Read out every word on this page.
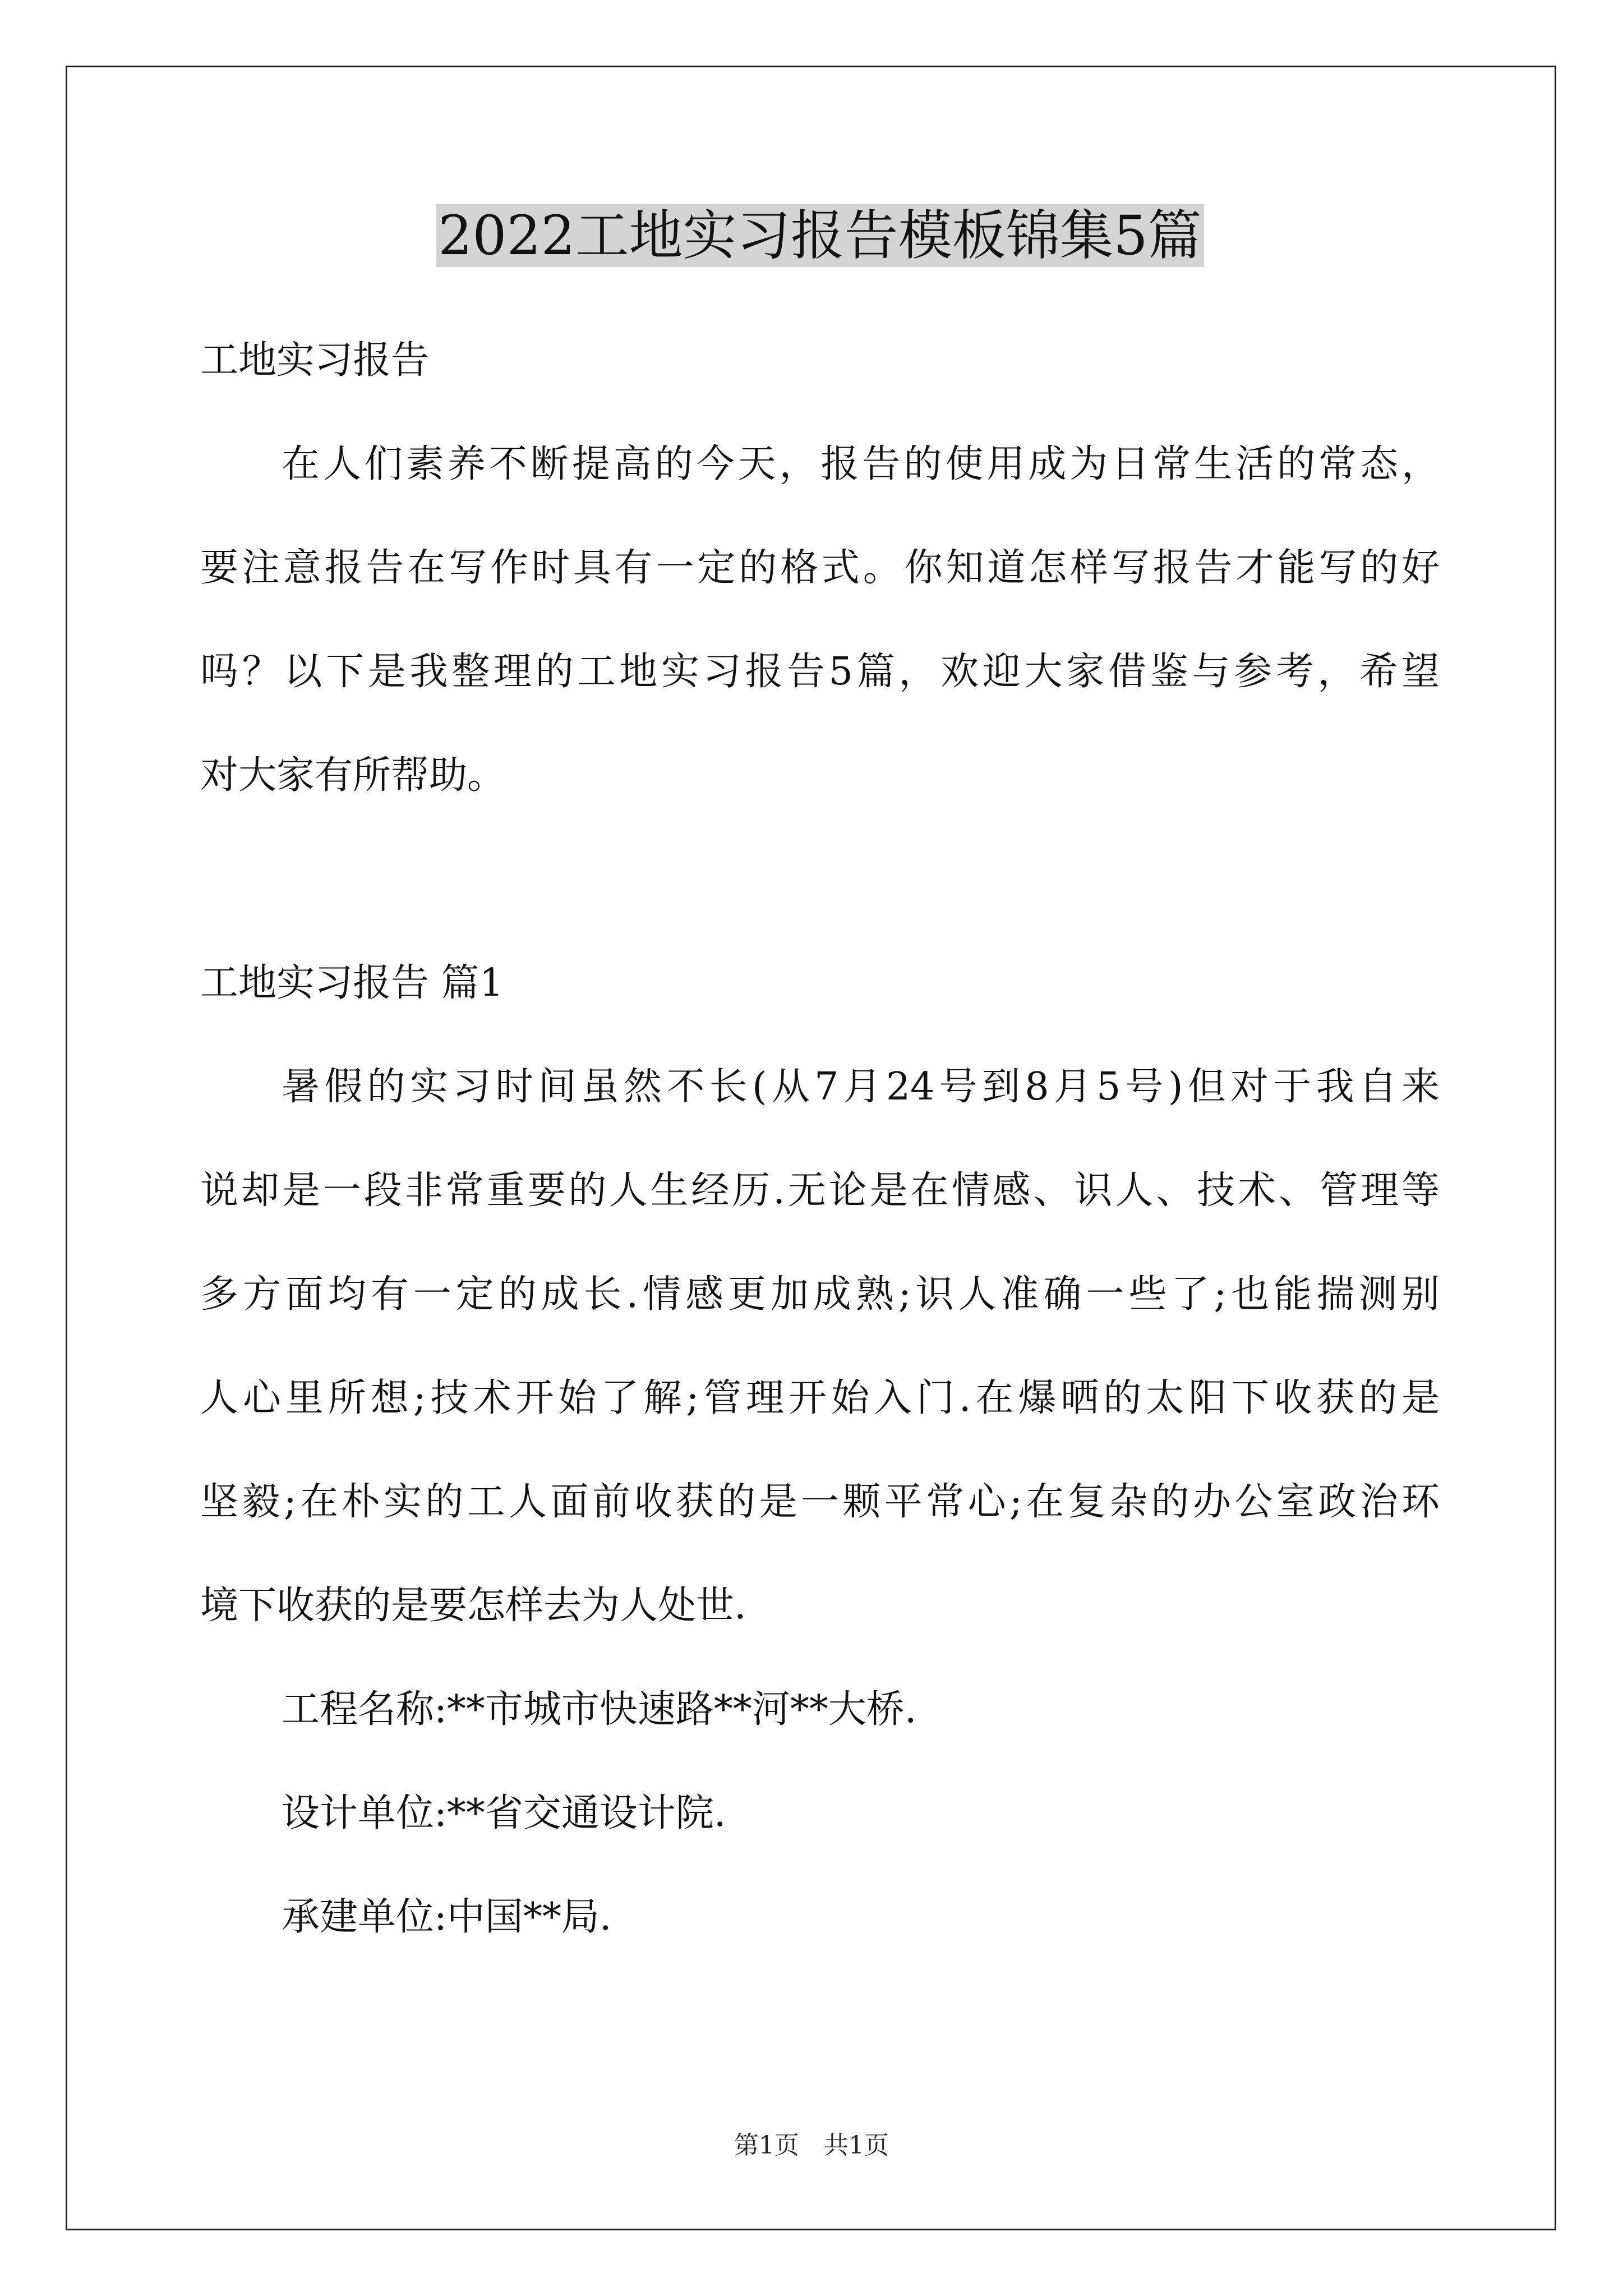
2022工地实习报告模板锦集5篇

工地实习报告

在人们素养不断提高的今天，报告的使用成为日常生活的常态，

要注意报告在写作时具有一定的格式。你知道怎样写报告才能写的好

吗？以下是我整理的工地实习报告5篇，欢迎大家借鉴与参考，希望

对大家有所帮助。

工地实习报告 篇1

暑假的实习时间虽然不长(从7月24号到8月5号)但对于我自来

说却是一段非常重要的人生经历.无论是在情感、识人、技术、管理等

多方面均有一定的成长.情感更加成熟;识人准确一些了;也能揣测别

人心里所想;技术开始了解;管理开始入门.在爆晒的太阳下收获的是

坚毅;在朴实的工人面前收获的是一颗平常心;在复杂的办公室政治环

境下收获的是要怎样去为人处世.

工程名称:**市城市快速路**河**大桥.

设计单位:**省交通设计院.

承建单位:中国**局.

第1页　共1页
